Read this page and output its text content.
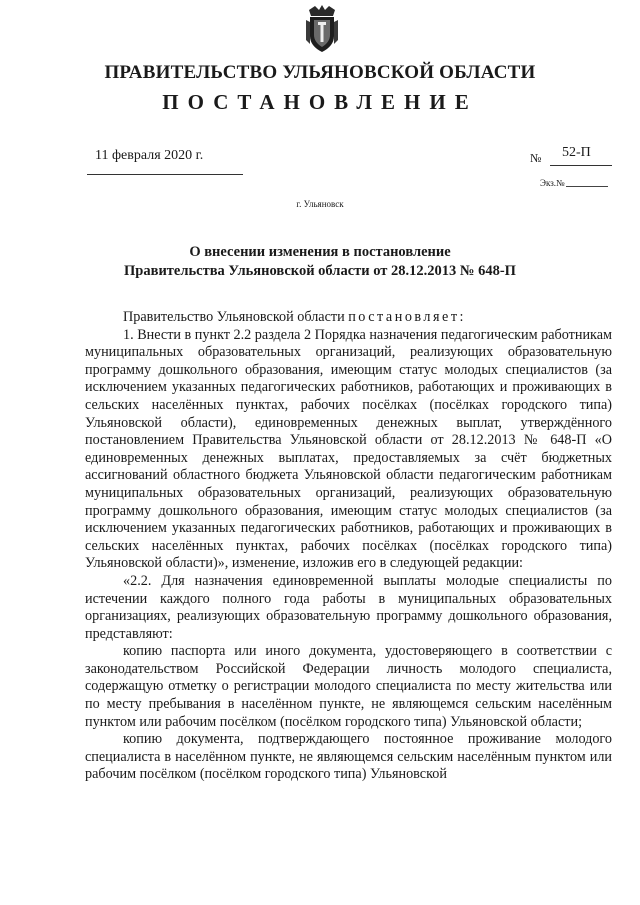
ПРАВИТЕЛЬСТВО УЛЬЯНОВСКОЙ ОБЛАСТИ
ПОСТАНОВЛЕНИЕ
11 февраля 2020 г.	№ 52-П
Экз.№
г. Ульяновск
О внесении изменения в постановление
Правительства Ульяновской области от 28.12.2013 № 648-П

Правительство Ульяновской области постановляет:

1. Внести в пункт 2.2 раздела 2 Порядка назначения педагогическим работникам муниципальных образовательных организаций, реализующих образовательную программу дошкольного образования, имеющим статус молодых специалистов (за исключением указанных педагогических работников, работающих и проживающих в сельских населённых пунктах, рабочих посёлках (посёлках городского типа) Ульяновской области), единовременных денежных выплат, утверждённого постановлением Правительства Ульяновской области от 28.12.2013 № 648-П «О единовременных денежных выплатах, предоставляемых за счёт бюджетных ассигнований областного бюджета Ульяновской области педагогическим работникам муниципальных образовательных организаций, реализующих образовательную программу дошкольного образования, имеющим статус молодых специалистов (за исключением указанных педагогических работников, работающих и проживающих в сельских населённых пунктах, рабочих посёлках (посёлках городского типа) Ульяновской области)», изменение, изложив его в следующей редакции:

«2.2. Для назначения единовременной выплаты молодые специалисты по истечении каждого полного года работы в муниципальных образовательных организациях, реализующих образовательную программу дошкольного образования, представляют:

копию паспорта или иного документа, удостоверяющего в соответствии с законодательством Российской Федерации личность молодого специалиста, содержащую отметку о регистрации молодого специалиста по месту жительства или по месту пребывания в населённом пункте, не являющемся сельским населённым пунктом или рабочим посёлком (посёлком городского типа) Ульяновской области;

копию документа, подтверждающего постоянное проживание молодого специалиста в населённом пункте, не являющемся сельским населённым пунктом или рабочим посёлком (посёлком городского типа) Ульяновской
